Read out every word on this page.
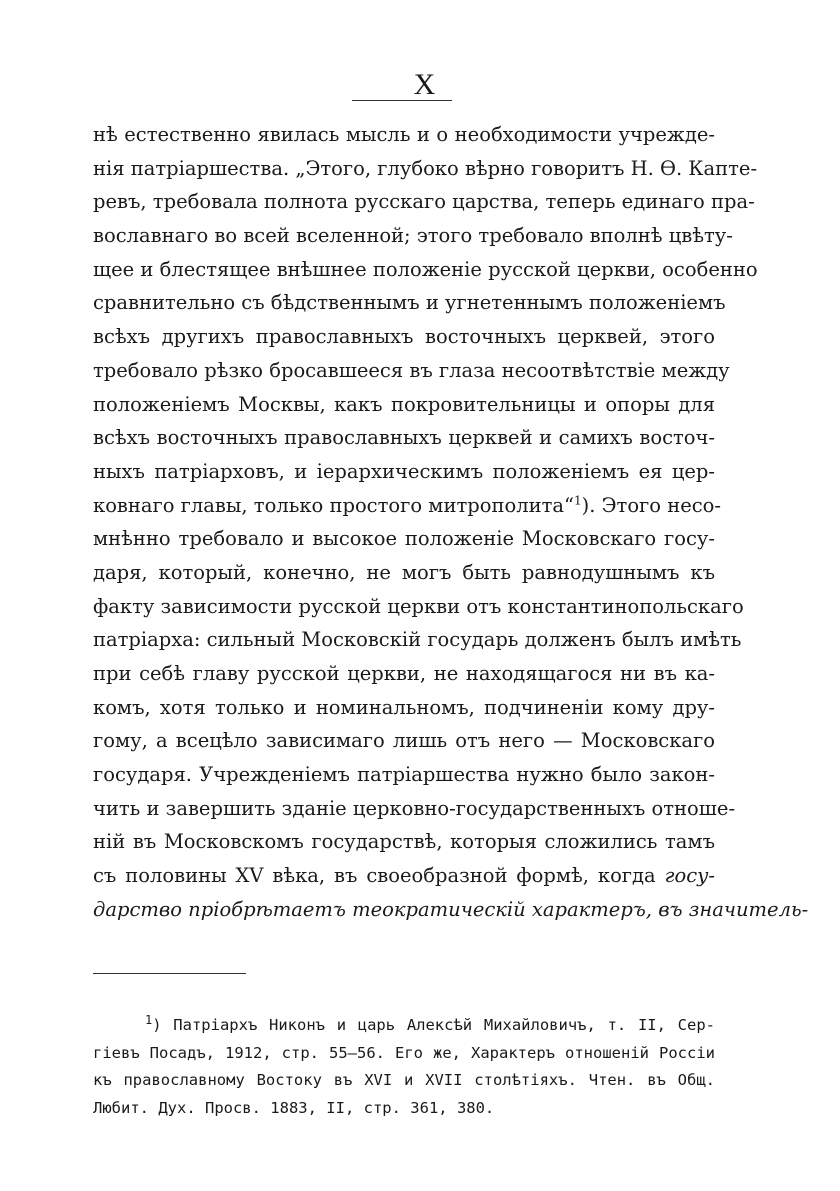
X
нѣ естественно явилась мысль и о необходимости учрежде-
нія патріаршества. „Этого, глубоко вѣрно говоритъ Н. Ѳ. Капте-
ревъ, требовала полнота русскаго царства, теперь единаго пра-
вославнаго во всей вселенной; этого требовало вполнѣ цвѣту-
щее и блестящее внѣшнее положеніе русской церкви, особенно
сравнительно съ бѣдственнымъ и угнетеннымъ положеніемъ
всѣхъ другихъ православныхъ восточныхъ церквей, этого
требовало рѣзко бросавшееся въ глаза несоотвѣтствіе между
положеніемъ Москвы, какъ покровительницы и опоры для
всѣхъ восточныхъ православныхъ церквей и самихъ восточ-
ныхъ патріарховъ, и іерархическимъ положеніемъ ея цер-
ковнаго главы, только простого митрополита“$^1$). Этого несо-
мнѣнно требовало и высокое положеніе Московскаго госу-
даря, который, конечно, не могъ быть равнодушнымъ къ
факту зависимости русской церкви отъ константинопольскаго
патріарха: сильный Московскій государь долженъ былъ имѣть
при себѣ главу русской церкви, не находящагося ни въ ка-
комъ, хотя только и номинальномъ, подчиненіи кому дру-
гому, а всецѣло зависимаго лишь отъ него — Московскаго
государя. Учрежденіемъ патріаршества нужно было закон-
чить и завершить зданіе церковно-государственныхъ отноше-
ній въ Московскомъ государствѣ, которыя сложились тамъ
съ половины XV вѣка, въ своеобразной формѣ, когда госу-
дарство пріобрѣтаетъ теократическій характеръ, въ значитель-
$^1$) Патріархъ Никонъ и царь Алексѣй Михайловичъ, т. II, Сер-
гіевъ Посадъ, 1912, стр. 55—56. Его же, Характеръ отношеній Россіи
къ православному Востоку въ XVI и XVII столѣтіяхъ. Чтен. въ Общ.
Любит. Дух. Просв. 1883, II, стр. 361, 380.
